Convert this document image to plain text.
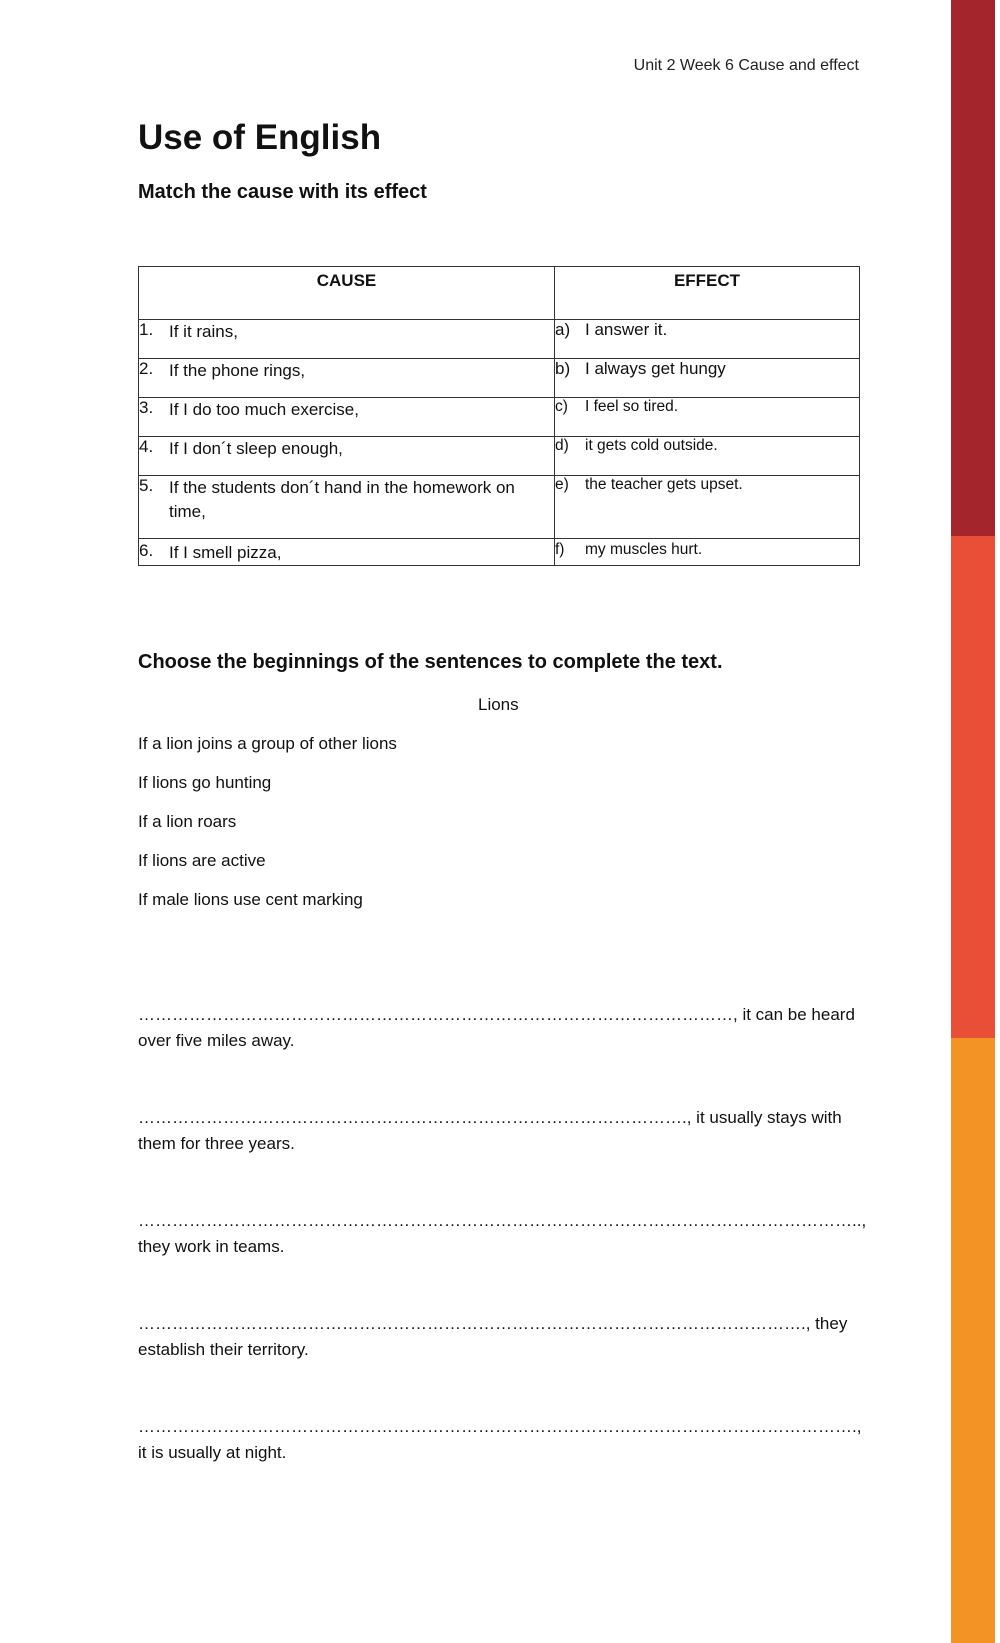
Unit 2 Week 6 Cause and effect
Use of English
Match the cause with its effect
CAUSE	EFFECT

1. If it rains,	a) I answer it.

2. If the phone rings,	b) I always get hungy

3. If I do too much exercise,	c) I feel so tired.

4. If I don´t sleep enough,	d) it gets cold outside.

5. If the students don´t hand in the homework on time,	e) the teacher gets upset.

6. If I smell pizza,	f) my muscles hurt.
Choose the beginnings of the sentences to complete the text.
Lions
If a lion joins a group of other lions
If lions go hunting
If a lion roars
If lions are active
If male lions use cent marking

……………………………………………………………………………………………, it can be heard over five miles away.

……………………………………………………………………………………., it usually stays with them for three years.

……………………………………………………………………………………………………………….., they work in teams.

………………………………………………………………………………………………………., they establish their territory.

………………………………………………………………………………………………………………., it is usually at night.
